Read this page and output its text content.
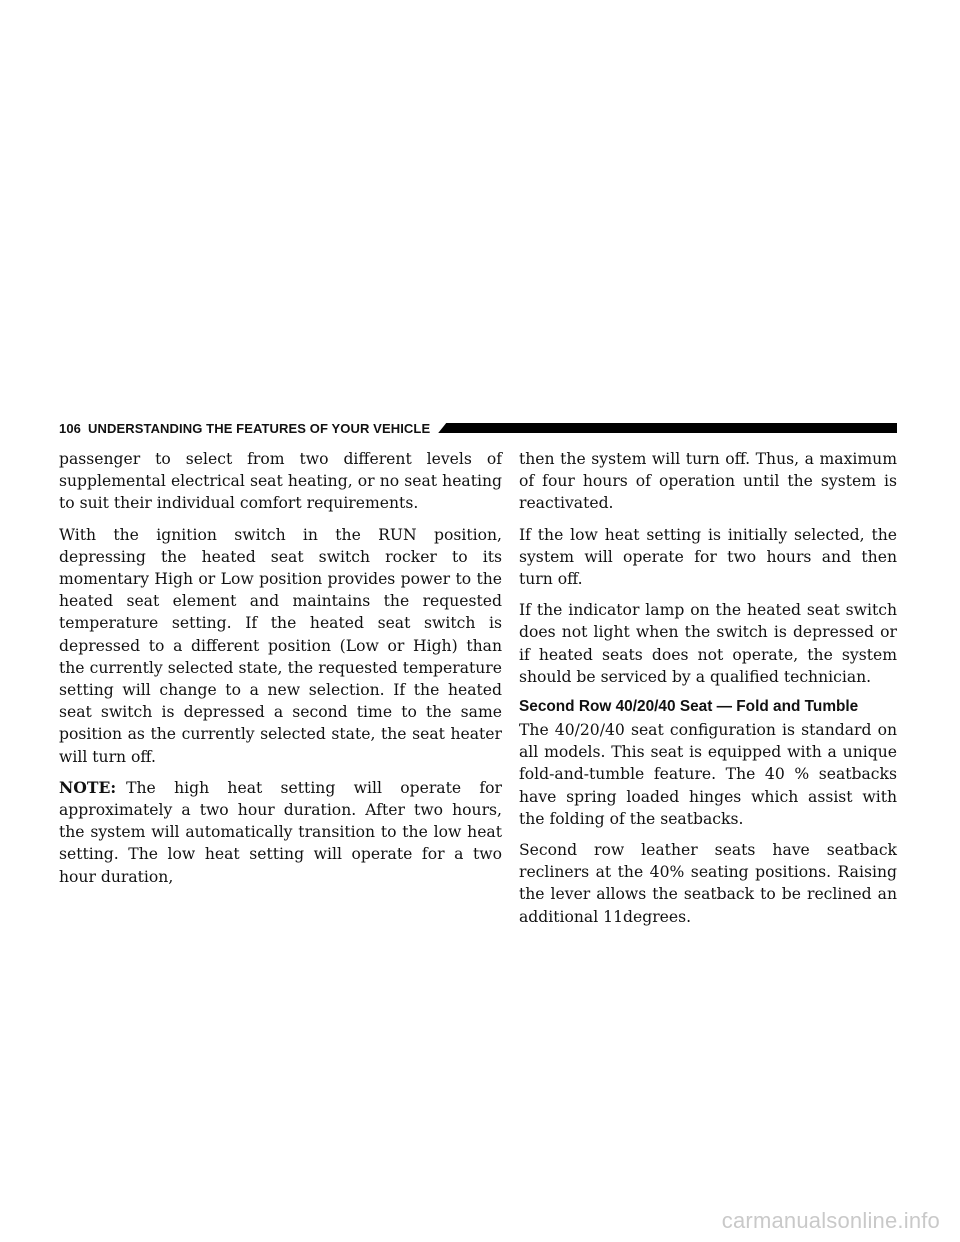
106 UNDERSTANDING THE FEATURES OF YOUR VEHICLE

passenger to select from two different levels of supplemental electrical seat heating, or no seat heating to suit their individual comfort requirements.

With the ignition switch in the RUN position, depressing the heated seat switch rocker to its momentary High or Low position provides power to the heated seat element and maintains the requested temperature setting. If the heated seat switch is depressed to a different position (Low or High) than the currently selected state, the requested temperature setting will change to a new selection. If the heated seat switch is depressed a second time to the same position as the currently selected state, the seat heater will turn off.

NOTE: The high heat setting will operate for approximately a two hour duration. After two hours, the system will automatically transition to the low heat setting. The low heat setting will operate for a two hour duration,

then the system will turn off. Thus, a maximum of four hours of operation until the system is reactivated.

If the low heat setting is initially selected, the system will operate for two hours and then turn off.

If the indicator lamp on the heated seat switch does not light when the switch is depressed or if heated seats does not operate, the system should be serviced by a qualified technician.

Second Row 40/20/40 Seat — Fold and Tumble

The 40/20/40 seat configuration is standard on all models. This seat is equipped with a unique fold-and-tumble feature. The 40 % seatbacks have spring loaded hinges which assist with the folding of the seatbacks.

Second row leather seats have seatback recliners at the 40% seating positions. Raising the lever allows the seatback to be reclined an additional 11degrees.

carmanualsonline.info
